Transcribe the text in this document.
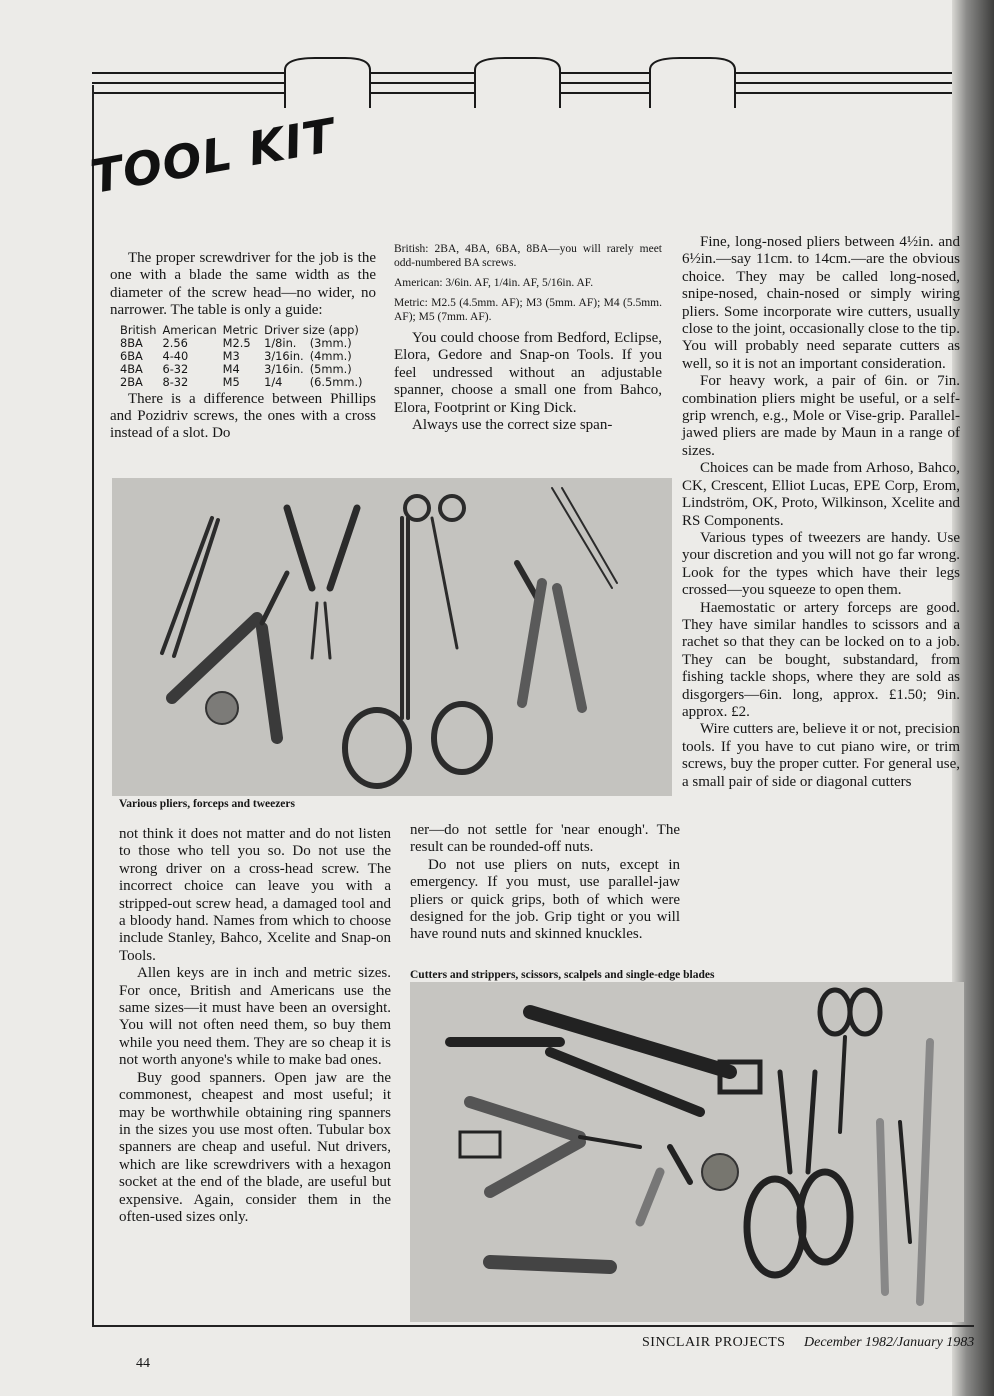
TOOL KIT

The proper screwdriver for the job is the one with a blade the same width as the diameter of the screw head—no wider, no narrower. The table is only a guide:

British	American	Metric	Driver size (app)	
8BA	2.56	M2.5	1/8in.	(3mm.)
6BA	4-40	M3	3/16in.	(4mm.)
4BA	6-32	M4	3/16in.	(5mm.)
2BA	8-32	M5	1/4	(6.5mm.)

There is a difference between Phillips and Pozidriv screws, the ones with a cross instead of a slot. Do

British: 2BA, 4BA, 6BA, 8BA—you will rarely meet odd-numbered BA screws.

American: 3/6in. AF, 1/4in. AF, 5/16in. AF.

Metric: M2.5 (4.5mm. AF); M3 (5mm. AF); M4 (5.5mm. AF); M5 (7mm. AF).

You could choose from Bedford, Eclipse, Elora, Gedore and Snap-on Tools. If you feel undressed without an adjustable spanner, choose a small one from Bahco, Elora, Footprint or King Dick.

Always use the correct size span-

Fine, long-nosed pliers between 4½in. and 6½in.—say 11cm. to 14cm.—are the obvious choice. They may be called long-nosed, snipe-nosed, chain-nosed or simply wiring pliers. Some incorporate wire cutters, usually close to the joint, occasionally close to the tip. You will probably need separate cutters as well, so it is not an important consideration.

For heavy work, a pair of 6in. or 7in. combination pliers might be useful, or a self-grip wrench, e.g., Mole or Vise-grip. Parallel-jawed pliers are made by Maun in a range of sizes.

Choices can be made from Arhoso, Bahco, CK, Crescent, Elliot Lucas, EPE Corp, Erom, Lindström, OK, Proto, Wilkinson, Xcelite and RS Components.

Various types of tweezers are handy. Use your discretion and you will not go far wrong. Look for the types which have their legs crossed—you squeeze to open them.

Haemostatic or artery forceps are good. They have similar handles to scissors and a rachet so that they can be locked on to a job. They can be bought, substandard, from fishing tackle shops, where they are sold as disgorgers—6in. long, approx. £1.50; 9in. approx. £2.

Wire cutters are, believe it or not, precision tools. If you have to cut piano wire, or trim screws, buy the proper cutter. For general use, a small pair of side or diagonal cutters

Various pliers, forceps and tweezers

not think it does not matter and do not listen to those who tell you so. Do not use the wrong driver on a cross-head screw. The incorrect choice can leave you with a stripped-out screw head, a damaged tool and a bloody hand. Names from which to choose include Stanley, Bahco, Xcelite and Snap-on Tools.

Allen keys are in inch and metric sizes. For once, British and Americans use the same sizes—it must have been an oversight. You will not often need them, so buy them while you need them. They are so cheap it is not worth anyone's while to make bad ones.

Buy good spanners. Open jaw are the commonest, cheapest and most useful; it may be worthwhile obtaining ring spanners in the sizes you use most often. Tubular box spanners are cheap and useful. Nut drivers, which are like screwdrivers with a hexagon socket at the end of the blade, are useful but expensive. Again, consider them in the often-used sizes only.

ner—do not settle for 'near enough'. The result can be rounded-off nuts.

Do not use pliers on nuts, except in emergency. If you must, use parallel-jaw pliers or quick grips, both of which were designed for the job. Grip tight or you will have round nuts and skinned knuckles.

Cutters and strippers, scissors, scalpels and single-edge blades
44
SINCLAIR PROJECTS December 1982/January 1983
